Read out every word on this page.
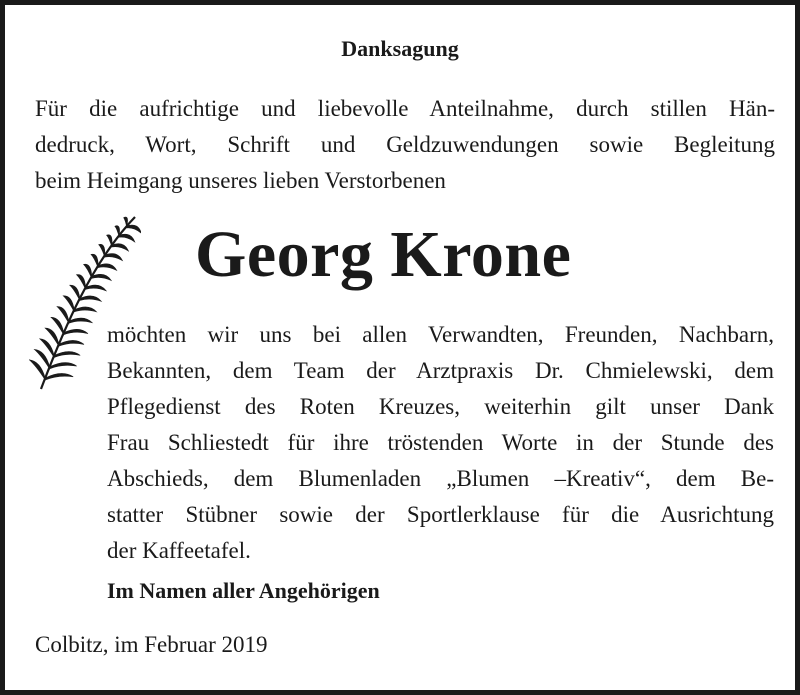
Danksagung
Für die aufrichtige und liebevolle Anteilnahme, durch stillen Hän-
dedruck, Wort, Schrift und Geldzuwendungen sowie Begleitung
beim Heimgang unseres lieben Verstorbenen
Georg Krone
möchten wir uns bei allen Verwandten, Freunden, Nachbarn,
Bekannten, dem Team der Arztpraxis Dr. Chmielewski, dem
Pflegedienst des Roten Kreuzes, weiterhin gilt unser Dank
Frau Schliestedt für ihre tröstenden Worte in der Stunde des
Abschieds, dem Blumenladen „Blumen –Kreativ“, dem Be-
statter Stübner sowie der Sportlerklause für die Ausrichtung
der Kaffeetafel.
Im Namen aller Angehörigen
Colbitz, im Februar 2019
